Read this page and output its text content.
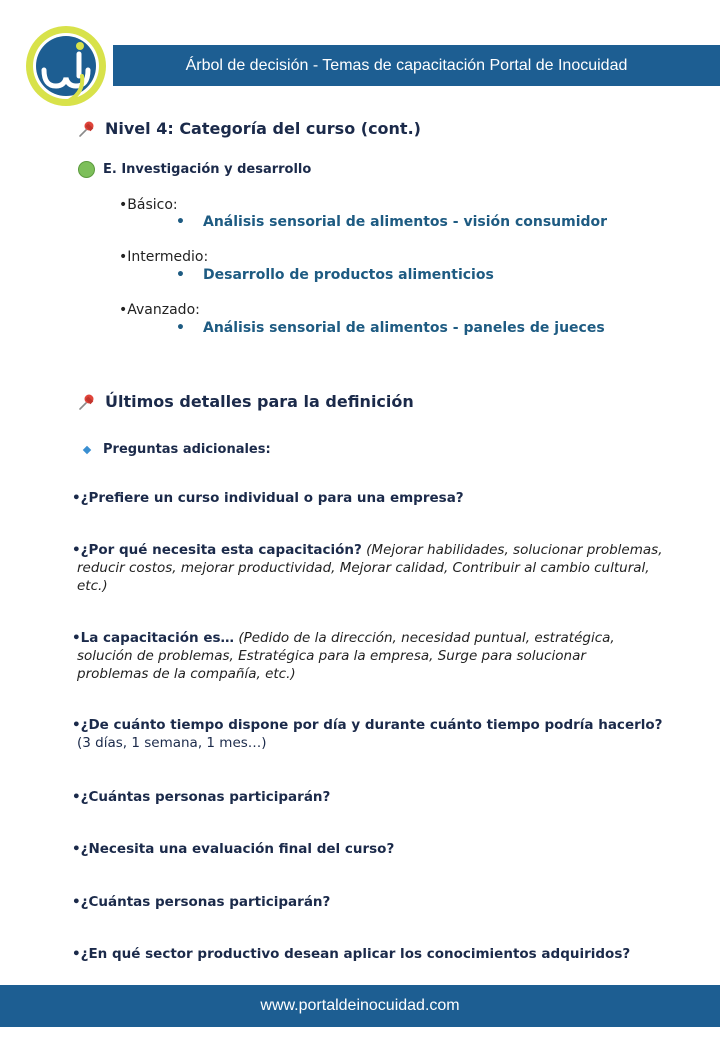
Árbol de decisión - Temas de capacitación Portal de Inocuidad
Nivel 4: Categoría del curso (cont.)
E. Investigación y desarrollo
•Básico:
• Análisis sensorial de alimentos - visión consumidor
•Intermedio:
• Desarrollo de productos alimenticios
•Avanzado:
• Análisis sensorial de alimentos - paneles de jueces
Últimos detalles para la definición
Preguntas adicionales:
•¿Prefiere un curso individual o para una empresa?
•¿Por qué necesita esta capacitación? (Mejorar habilidades, solucionar problemas,
reducir costos, mejorar productividad, Mejorar calidad, Contribuir al cambio cultural,
etc.)
•La capacitación es… (Pedido de la dirección, necesidad puntual, estratégica,
solución de problemas, Estratégica para la empresa, Surge para solucionar
problemas de la compañía, etc.)
•¿De cuánto tiempo dispone por día y durante cuánto tiempo podría hacerlo?
(3 días, 1 semana, 1 mes…)
•¿Cuántas personas participarán?
•¿Necesita una evaluación final del curso?
•¿Cuántas personas participarán?
•¿En qué sector productivo desean aplicar los conocimientos adquiridos?
www.portaldeinocuidad.com
